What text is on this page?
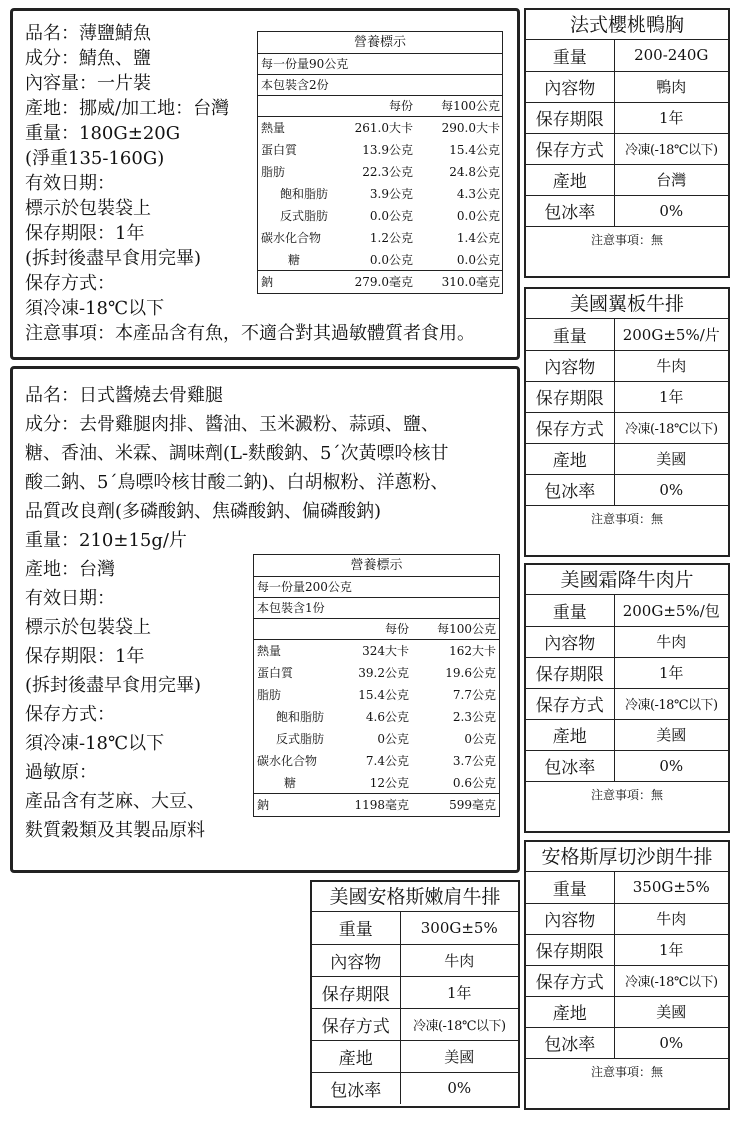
品名：薄鹽鯖魚
成分：鯖魚、鹽
內容量：一片裝
產地：挪威/加工地：台灣
重量：180G±20G
(淨重135-160G)
有效日期：
標示於包裝袋上
保存期限：1年
(拆封後盡早食用完畢)
保存方式：
須冷凍-18℃以下
注意事項：本產品含有魚，不適合對其過敏體質者食用。
營養標示
每一份量90公克
本包裝含2份
每份	每100公克
熱量	261.0大卡	290.0大卡
蛋白質	13.9公克	15.4公克
脂肪	22.3公克	24.8公克
飽和脂肪	3.9公克	4.3公克
反式脂肪	0.0公克	0.0公克
碳水化合物	1.2公克	1.4公克
糖	0.0公克	0.0公克
鈉	279.0毫克	310.0毫克
品名：日式醬燒去骨雞腿
成分：去骨雞腿肉排、醬油、玉米澱粉、蒜頭、鹽、
糖、香油、米霖、調味劑(L-麩酸鈉、5ˊ次黃嘌呤核甘
酸二鈉、5ˊ鳥嘌呤核甘酸二鈉)、白胡椒粉、洋蔥粉、
品質改良劑(多磷酸鈉、焦磷酸鈉、偏磷酸鈉)
重量：210±15g/片
產地：台灣
有效日期：
標示於包裝袋上
保存期限：1年
(拆封後盡早食用完畢)
保存方式：
須冷凍-18℃以下
過敏原：
產品含有芝麻、大豆、
麩質穀類及其製品原料
營養標示
每一份量200公克
本包裝含1份
每份	每100公克
熱量	324大卡	162大卡
蛋白質	39.2公克	19.6公克
脂肪	15.4公克	7.7公克
飽和脂肪	4.6公克	2.3公克
反式脂肪	0公克	0公克
碳水化合物	7.4公克	3.7公克
糖	12公克	0.6公克
鈉	1198毫克	599毫克
法式櫻桃鴨胸
重量	200-240G
內容物	鴨肉
保存期限	1年
保存方式	冷凍(-18℃以下)
產地	台灣
包冰率	0%
注意事項：無
美國翼板牛排
重量	200G±5%/片
內容物	牛肉
保存期限	1年
保存方式	冷凍(-18℃以下)
產地	美國
包冰率	0%
注意事項：無
美國霜降牛肉片
重量	200G±5%/包
內容物	牛肉
保存期限	1年
保存方式	冷凍(-18℃以下)
產地	美國
包冰率	0%
注意事項：無
安格斯厚切沙朗牛排
重量	350G±5%
內容物	牛肉
保存期限	1年
保存方式	冷凍(-18℃以下)
產地	美國
包冰率	0%
注意事項：無
美國安格斯嫩肩牛排
重量	300G±5%
內容物	牛肉
保存期限	1年
保存方式	冷凍(-18℃以下)
產地	美國
包冰率	0%
